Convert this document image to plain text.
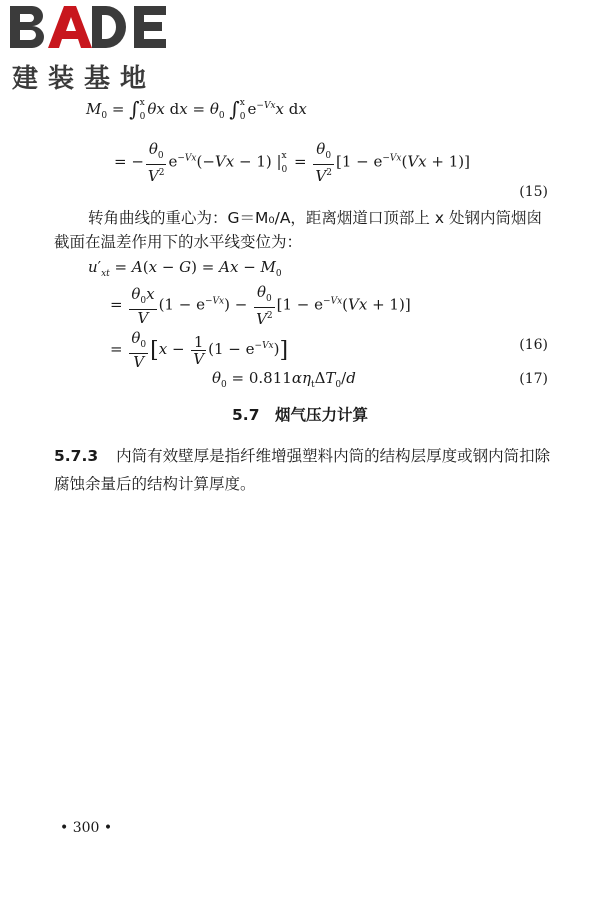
建装基地
$M_0$ = ∫ x
0 θx dx = $\theta_0$ ∫ x
0 $e^{-Vx}x$ dx
= − $\frac{\theta_0}{V^2} e^{-Vx}(-Vx - 1)$ | x
$0 = \frac{\theta_0}{V^2} [1 - e^{-Vx}(Vx + 1)]$
(15)
转角曲线的重心为：G＝M₀/A，距离烟道口顶部上 x 处钢内筒烟囱截面在温差作用下的水平线变位为：
$u'_{xt} = A(x - G) = Ax - M_0$
= $\frac{\theta_0x}{V} (1 - e^{-Vx}) - \frac{\theta_0}{V^2} [1 - e^{-Vx}(Vx + 1)]$
= $\frac{\theta_0}{V} [x - \frac{1}{V} (1 - e^{-Vx})]$	(16)
$\theta_0 = 0.811\alpha\eta_t\Delta T_0/d$	(17)
5.7　烟气压力计算
5.7.3 内筒有效壁厚是指纤维增强塑料内筒的结构层厚度或钢内筒扣除腐蚀余量后的结构计算厚度。
• 300 •
